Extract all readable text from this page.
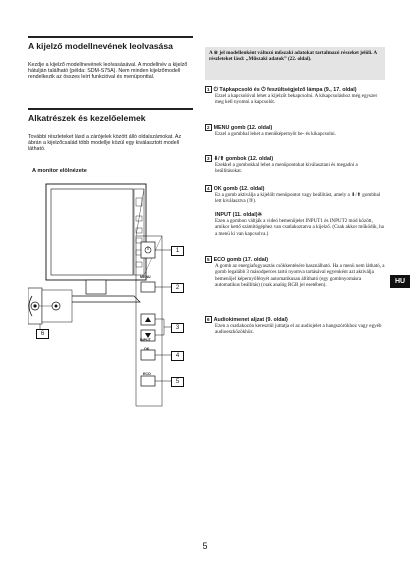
A kijelző modellnevének leolvasása
Kezdje a kijelző modellnevének leolvasásával. A modellnév a kijelző hátulján található (példa: SDM-S75A). Nem minden kijelzőmodell rendelkezik az összes leírt funkcióval és menüponttal.
Alkatrészek és kezelőelemek
További részleteket lásd a zárójelek között álló oldalszámokat. Az ábrán a kijelzőcsalád több modellje közül egy kiválasztott modell látható.
A monitor elölnézete
MENU
OK
INPUT
ECO
1
2
3
4
5
6
A ※ jel modellenként változó műszaki adatokat tartalmazó részeket jelöli. A részleteket lásd: „Műszaki adatok” (22. oldal).
1 ⏻ Tápkapcsoló és ⏻ feszültségjelző lámpa (9., 17. oldal)
Ezzel a kapcsolóval lehet a kijelzőt bekapcsolni. A kikapcsoláshoz még egyszer meg kell nyomni a kapcsolót.
2 MENU gomb (12. oldal)
Ezzel a gombbal lehet a menüképernyőt be- és kikapcsolni.
3 ⬇/⬆ gombok (12. oldal)
Ezekkel a gombokkal lehet a menüpontokat kiválasztani és megadni a beállításokat.
4 OK gomb (12. oldal)
Ez a gomb aktiválja a kijelölt menüpontot vagy beállítást, amely a ⬇/⬆ gombbal lett kiválasztva (③).
INPUT (11. oldal)※
Ezen a gombon váltják a videó bemenőjelet INPUT1 és INPUT2 mód között, amikor kettő számítógéphez van csatlakoztatva a kijelző. (Csak akkor működik, ha a menü ki van kapcsolva.)
5 ECO gomb (17. oldal)
A gomb az energiafogyasztás csökkentésére használható. Ha a menü nem látható, a gomb legalább 3 másodperces tartó nyomva tartásával egyenként azt aktiválja bemenőjel képernyőfényét automatikusan állítható (egy gombnyomásra automatikus beállítás) (csak analóg RGB jel esetében).
6 Audiokimenet aljzat (9. oldal)
Ezen a csatlakozón keresztül juttatja el az audiojelet a hangszórókhoz vagy egyéb audioeszközökhöz.
HU
5
